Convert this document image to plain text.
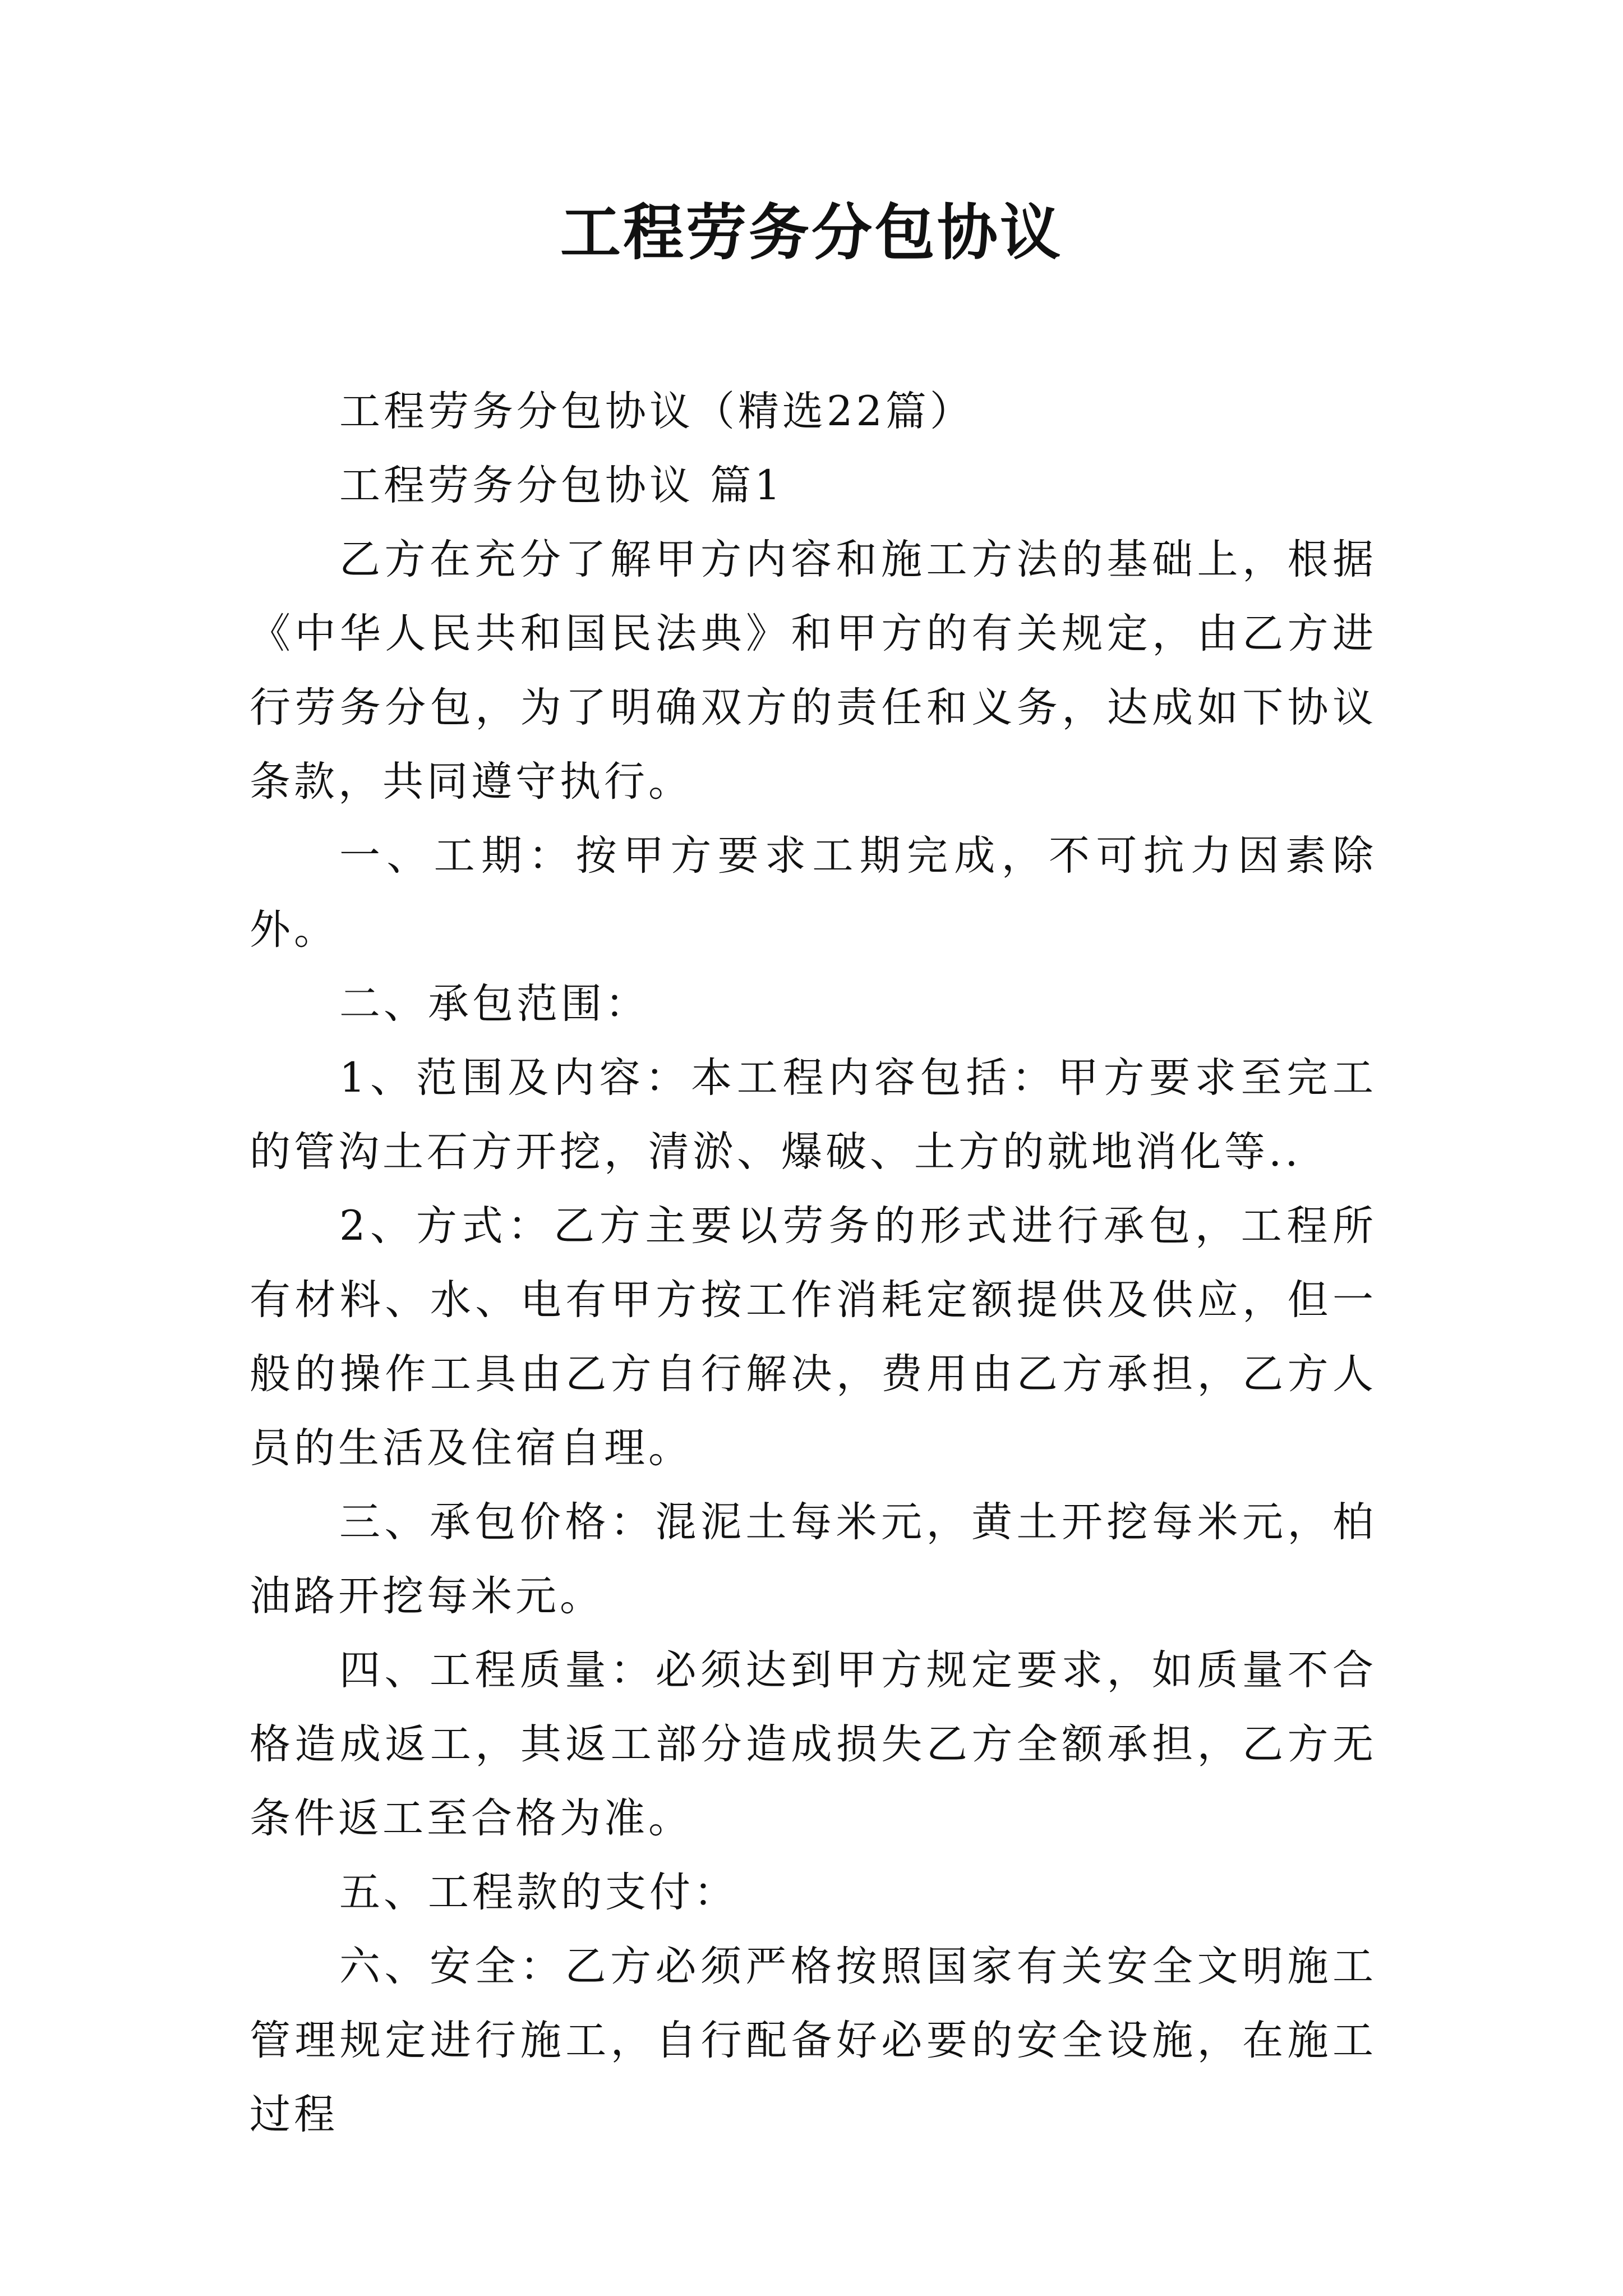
工程劳务分包协议

工程劳务分包协议（精选22篇）

工程劳务分包协议 篇1

乙方在充分了解甲方内容和施工方法的基础上，根据《中华人民共和国民法典》和甲方的有关规定，由乙方进行劳务分包，为了明确双方的责任和义务，达成如下协议条款，共同遵守执行。

一、工期：按甲方要求工期完成，不可抗力因素除外。

二、承包范围：

1、范围及内容：本工程内容包括：甲方要求至完工的管沟土石方开挖，清淤、爆破、土方的就地消化等..

2、方式：乙方主要以劳务的形式进行承包，工程所有材料、水、电有甲方按工作消耗定额提供及供应，但一般的操作工具由乙方自行解决，费用由乙方承担，乙方人员的生活及住宿自理。

三、承包价格：混泥土每米元，黄土开挖每米元，柏油路开挖每米元。

四、工程质量：必须达到甲方规定要求，如质量不合格造成返工，其返工部分造成损失乙方全额承担，乙方无条件返工至合格为准。

五、工程款的支付：

六、安全：乙方必须严格按照国家有关安全文明施工管理规定进行施工，自行配备好必要的安全设施，在施工过程
